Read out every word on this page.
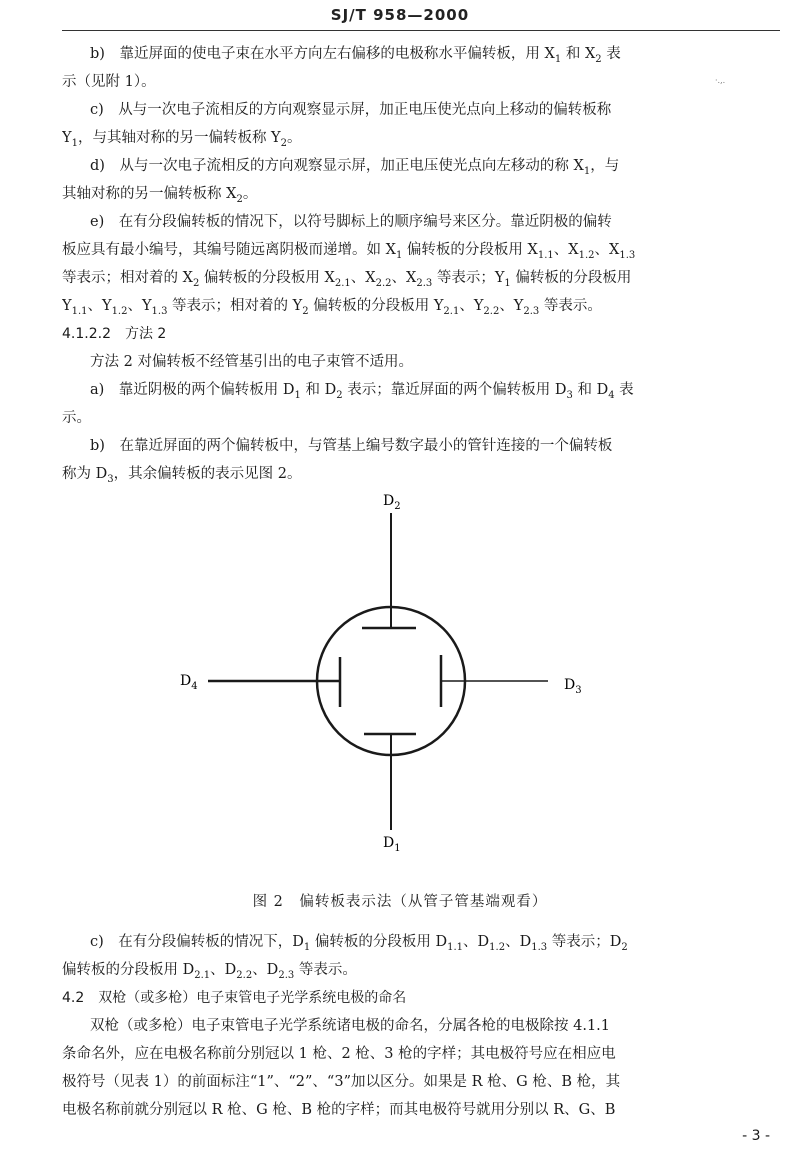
SJ/T 958—2000
·.,.

b)　靠近屏面的使电子束在水平方向左右偏移的电极称水平偏转板，用 $X_1$ 和 $X_2$ 表

示（见附 1）。

c)　从与一次电子流相反的方向观察显示屏，加正电压使光点向上移动的偏转板称

$Y_1$，与其轴对称的另一偏转板称 $Y_2$。

d)　从与一次电子流相反的方向观察显示屏，加正电压使光点向左移动的称 $X_1$，与

其轴对称的另一偏转板称 $X_2$。

e)　在有分段偏转板的情况下，以符号脚标上的顺序编号来区分。靠近阴极的偏转

板应具有最小编号，其编号随远离阴极而递增。如 $X_1$ 偏转板的分段板用 $X_{1.1}$、$X_{1.2}$、$X_{1.3}$

等表示；相对着的 $X_2$ 偏转板的分段板用 $X_{2.1}$、$X_{2.2}$、$X_{2.3}$ 等表示；$Y_1$ 偏转板的分段板用

$Y_{1.1}$、$Y_{1.2}$、$Y_{1.3}$ 等表示；相对着的 $Y_2$ 偏转板的分段板用 $Y_{2.1}$、$Y_{2.2}$、$Y_{2.3}$ 等表示。

4.1.2.2　方法 2

方法 2 对偏转板不经管基引出的电子束管不适用。

a)　靠近阴极的两个偏转板用 $D_1$ 和 $D_2$ 表示；靠近屏面的两个偏转板用 $D_3$ 和 $D_4$ 表

示。

b)　在靠近屏面的两个偏转板中，与管基上编号数字最小的管针连接的一个偏转板

称为 $D_3$，其余偏转板的表示见图 2。

$D_2$
$D_1$
$D_4$	$D_3$
图 2　偏转板表示法（从管子管基端观看）

c)　在有分段偏转板的情况下，$D_1$ 偏转板的分段板用 $D_{1.1}$、$D_{1.2}$、$D_{1.3}$ 等表示；$D_2$

偏转板的分段板用 $D_{2.1}$、$D_{2.2}$、$D_{2.3}$ 等表示。

4.2　双枪（或多枪）电子束管电子光学系统电极的命名

双枪（或多枪）电子束管电子光学系统诸电极的命名，分属各枪的电极除按 4.1.1

条命名外，应在电极名称前分别冠以 1 枪、2 枪、3 枪的字样；其电极符号应在相应电

极符号（见表 1）的前面标注“1”、“2”、“3”加以区分。如果是 R 枪、G 枪、B 枪，其

电极名称前就分别冠以 R 枪、G 枪、B 枪的字样；而其电极符号就用分别以 R、G、B

- 3 -
